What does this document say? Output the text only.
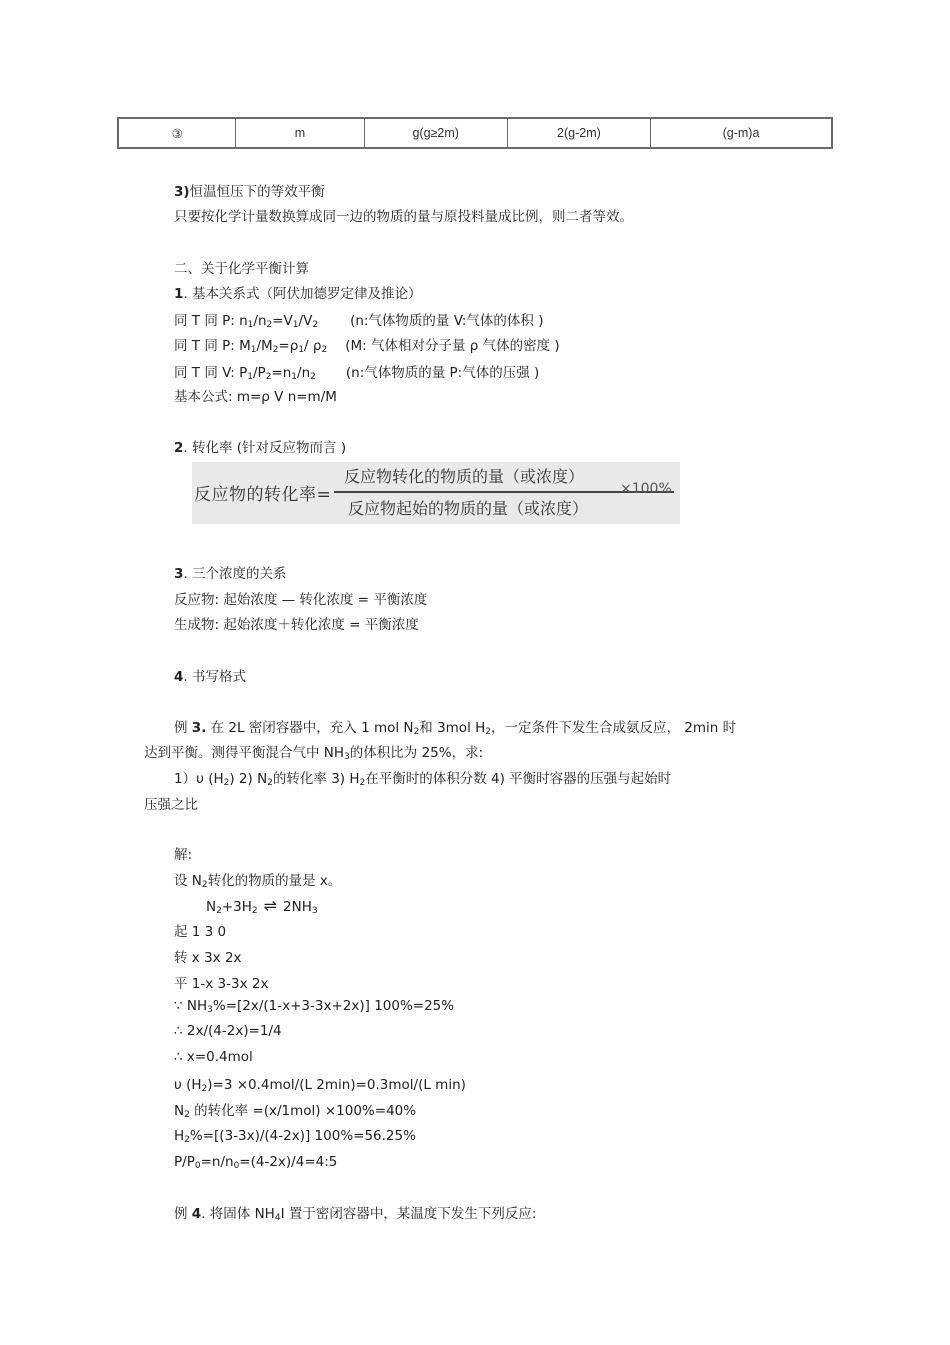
③	m	g(g≥2m)	2(g-2m)	(g-m)a
3)恒温恒压下的等效平衡
只要按化学计量数换算成同一边的物质的量与原投料量成比例，则二者等效。
二、关于化学平衡计算
1. 基本关系式（阿伏加德罗定律及推论）
同 T 同 P: $n_1/n_2=V_1/V_2$ (n:气体物质的量 V:气体的体积 )
同 T 同 P: $M_1/M_2=\rho_1/$ $\rho_2$ (M: 气体相对分子量 ρ 气体的密度 )
同 T 同 V: $P_1/P_2=n_1/n_2$ (n:气体物质的量 P:气体的压强 )
基本公式: m=ρ V n=m/M
2. 转化率 (针对反应物而言 )
反应物的转化率=
反应物转化的物质的量（或浓度）
反应物起始的物质的量（或浓度）
×100%
3. 三个浓度的关系
反应物: 起始浓度 — 转化浓度 = 平衡浓度
生成物: 起始浓度＋转化浓度 = 平衡浓度
4. 书写格式
例 3. 在 2L 密闭容器中，充入 1 mol $N_2$和 3mol $H_2$，一定条件下发生合成氨反应， 2min 时
达到平衡。测得平衡混合气中 $NH_3$的体积比为 25%，求:
1）υ $(H_2)$ 2) $N_2$的转化率 3) $H_2$在平衡时的体积分数 4) 平衡时容器的压强与起始时
压强之比
解:
设 $N_2$转化的物质的量是 x。
$N_2+3H_2$ ⇌ $2NH_3$
起 1 3 0
转 x 3x 2x
平 1-x 3-3x 2x
∵ $NH_3\%=[2x/(1-x+3-3x+2x)]$ 100%=25%
∴ 2x/(4-2x)=1/4
∴ x=0.4mol
υ $(H_2)=3 \times 0.4mol/(L$ 2min)=0.3mol/(L min)
$N_2$ 的转化率 =(x/1mol) ×100%=40%
$H_2\%=[(3-3x)/(4-2x)]$ 100%=56.25%
$P/P_0=n/n_0=(4-2x)/4=4:5$
例 4. 将固体 $NH_4I$ 置于密闭容器中，某温度下发生下列反应:
